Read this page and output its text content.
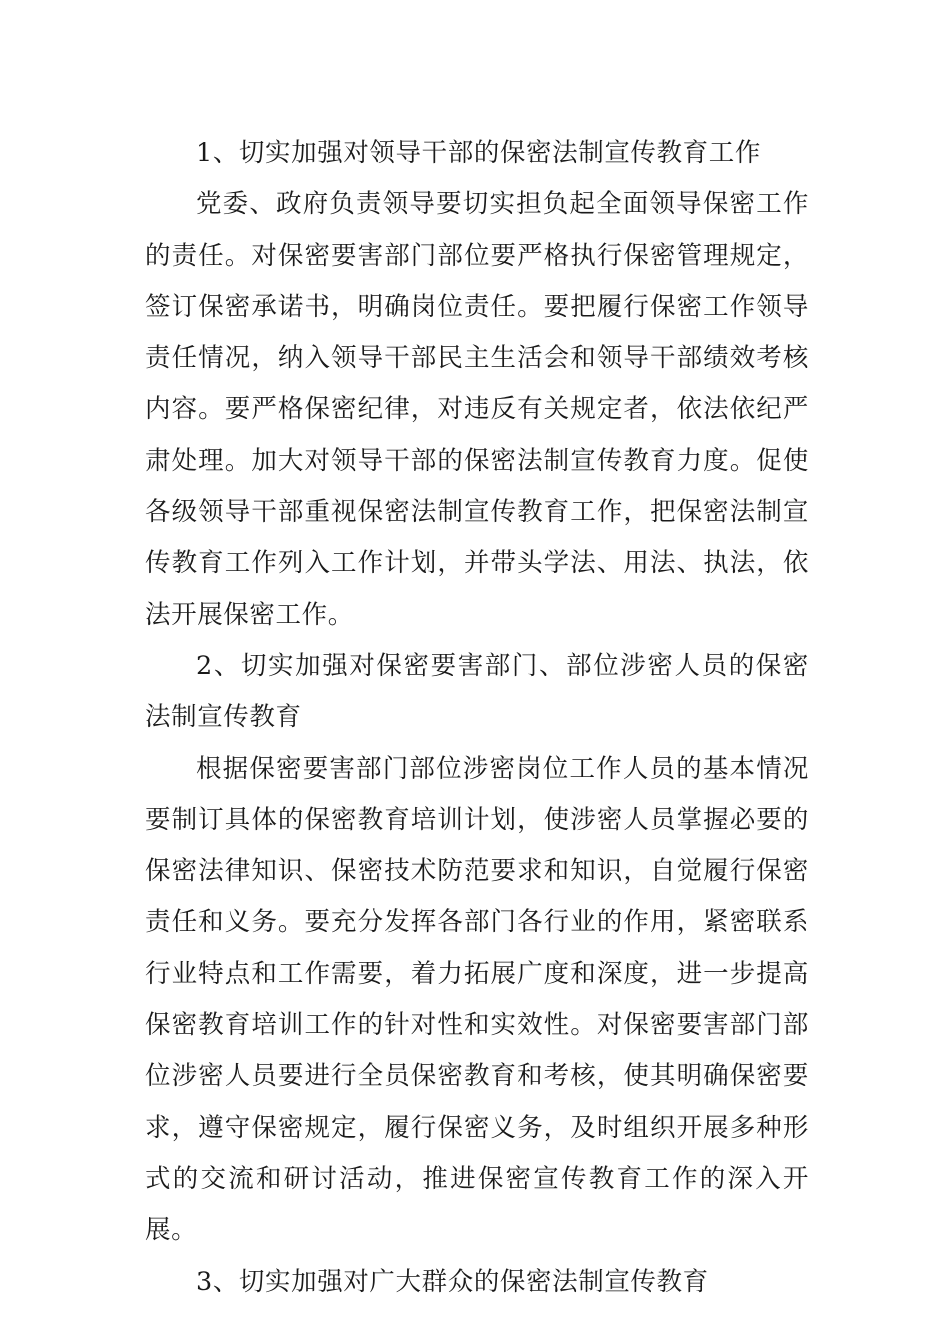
1、切实加强对领导干部的保密法制宣传教育工作

党委、政府负责领导要切实担负起全面领导保密工作的责任。对保密要害部门部位要严格执行保密管理规定，签订保密承诺书，明确岗位责任。要把履行保密工作领导责任情况，纳入领导干部民主生活会和领导干部绩效考核内容。要严格保密纪律，对违反有关规定者，依法依纪严肃处理。加大对领导干部的保密法制宣传教育力度。促使各级领导干部重视保密法制宣传教育工作，把保密法制宣传教育工作列入工作计划，并带头学法、用法、执法，依法开展保密工作。

2、切实加强对保密要害部门、部位涉密人员的保密法制宣传教育

根据保密要害部门部位涉密岗位工作人员的基本情况要制订具体的保密教育培训计划，使涉密人员掌握必要的保密法律知识、保密技术防范要求和知识，自觉履行保密责任和义务。要充分发挥各部门各行业的作用，紧密联系行业特点和工作需要，着力拓展广度和深度，进一步提高保密教育培训工作的针对性和实效性。对保密要害部门部位涉密人员要进行全员保密教育和考核，使其明确保密要求，遵守保密规定，履行保密义务，及时组织开展多种形式的交流和研讨活动，推进保密宣传教育工作的深入开展。

3、切实加强对广大群众的保密法制宣传教育
